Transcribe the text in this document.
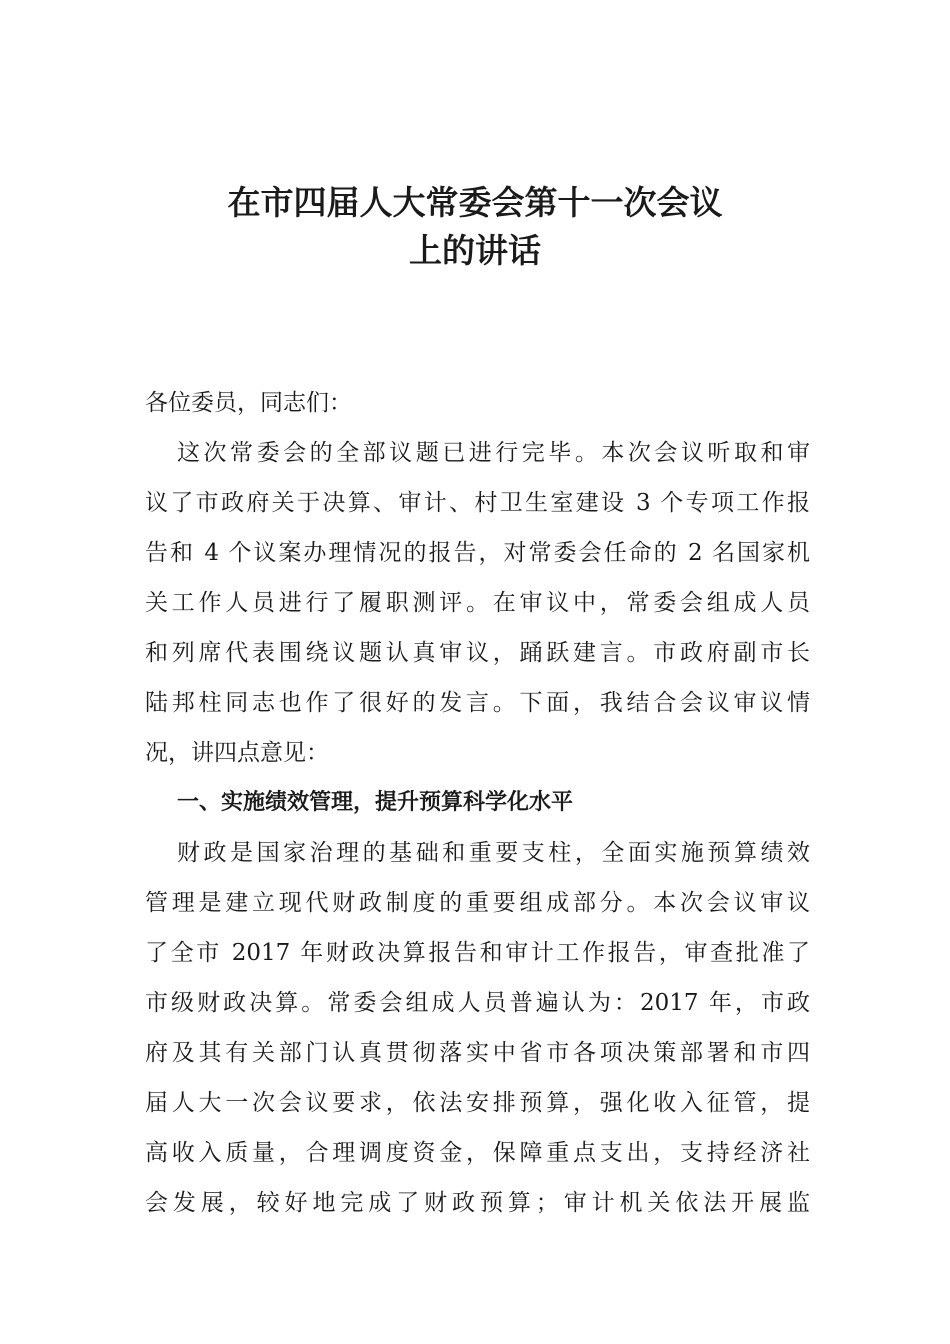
在市四届人大常委会第十一次会议
上的讲话
各位委员，同志们：
这次常委会的全部议题已进行完毕。本次会议听取和审
议了市政府关于决算、审计、村卫生室建设 3 个专项工作报
告和 4 个议案办理情况的报告，对常委会任命的 2 名国家机
关工作人员进行了履职测评。在审议中，常委会组成人员
和列席代表围绕议题认真审议，踊跃建言。市政府副市长
陆邦柱同志也作了很好的发言。下面，我结合会议审议情
况，讲四点意见：
一、实施绩效管理，提升预算科学化水平
财政是国家治理的基础和重要支柱，全面实施预算绩效
管理是建立现代财政制度的重要组成部分。本次会议审议
了全市 2017 年财政决算报告和审计工作报告，审查批准了
市级财政决算。常委会组成人员普遍认为：2017 年，市政
府及其有关部门认真贯彻落实中省市各项决策部署和市四
届人大一次会议要求，依法安排预算，强化收入征管，提
高收入质量，合理调度资金，保障重点支出，支持经济社
会发展，较好地完成了财政预算；审计机关依法开展监
